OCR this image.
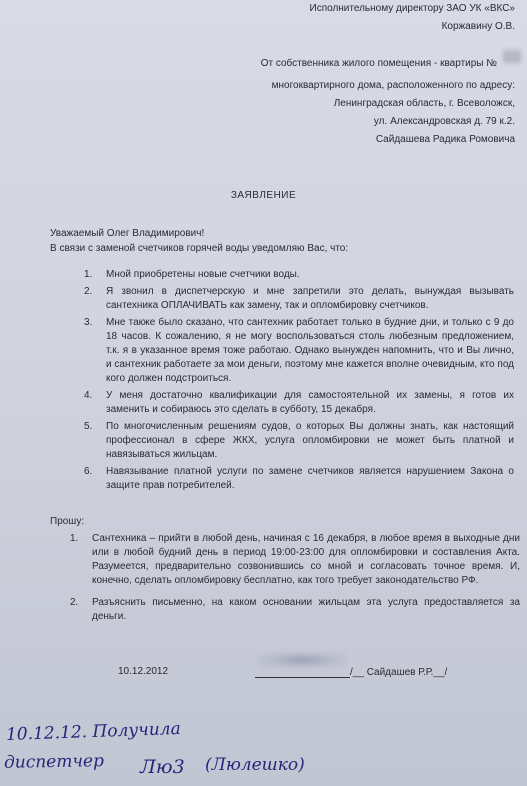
Исполнительному директору ЗАО УК «ВКС»
Коржавину О.В.
От собственника жилого помещения - квартиры №
многоквартирного дома, расположенного по адресу:
Ленинградская область, г. Всеволожск,
ул. Александровская д. 79 к.2.
Сайдашева Радика Ромовича
ЗАЯВЛЕНИЕ
Уважаемый Олег Владимирович!
В связи с заменой счетчиков горячей воды уведомляю Вас, что:
1. Мной приобретены новые счетчики воды.
2. Я звонил в диспетчерскую и мне запретили это делать, вынуждая вызывать сантехника ОПЛАЧИВАТЬ как замену, так и опломбировку счетчиков.
3. Мне также было сказано, что сантехник работает только в будние дни, и только с 9 до 18 часов. К сожалению, я не могу воспользоваться столь любезным предложением, т.к. я в указанное время тоже работаю. Однако вынужден напомнить, что и Вы лично, и сантехник работаете за мои деньги, поэтому мне кажется вполне очевидным, кто под кого должен подстроиться.
4. У меня достаточно квалификации для самостоятельной их замены, я готов их заменить и собираюсь это сделать в субботу, 15 декабря.
5. По многочисленным решениям судов, о которых Вы должны знать, как настоящий профессионал в сфере ЖКХ, услуга опломбировки не может быть платной и навязываться жильцам.
6. Навязывание платной услуги по замене счетчиков является нарушением Закона о защите прав потребителей.
Прошу:
1. Сантехника – прийти в любой день, начиная с 16 декабря, в любое время в выходные дни или в любой будний день в период 19:00-23:00 для опломбировки и составления Акта. Разумеется, предварительно созвонившись со мной и согласовать точное время. И, конечно, сделать опломбировку бесплатно, как того требует законодательство РФ.
2. Разъяснить письменно, на каком основании жильцам эта услуга предоставляется за деньги.
10.12.2012	/__ Сайдашев Р.Р.__/
10.12.12. Получила
диспетчер Лю3 (Люлешко)
